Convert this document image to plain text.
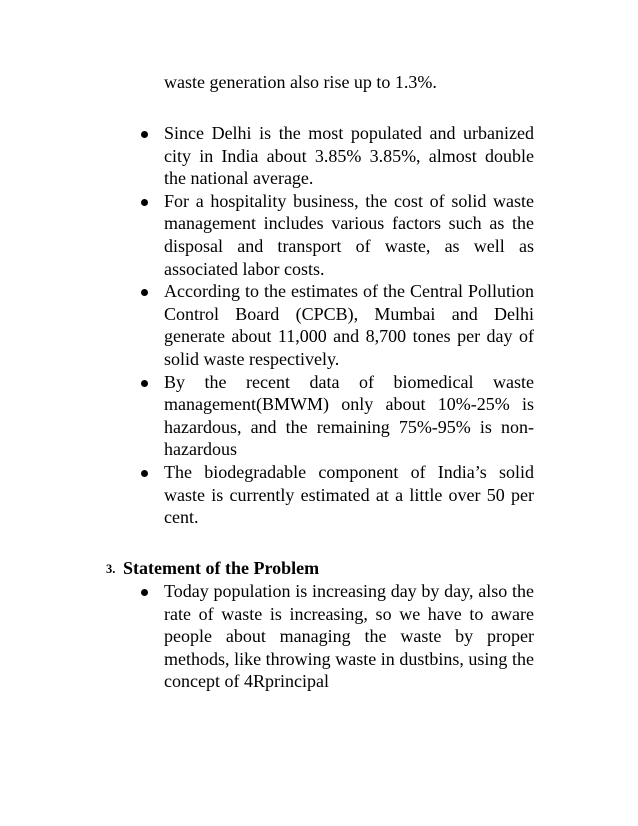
waste generation also rise up to 1.3%.
Since Delhi is the most populated and urbanized city in India about 3.85% 3.85%, almost double the national average.
For a hospitality business, the cost of solid waste management includes various factors such as the disposal and transport of waste, as well as associated labor costs.
According to the estimates of the Central Pollution Control Board (CPCB), Mumbai and Delhi generate about 11,000 and 8,700 tones per day of solid waste respectively.
By the recent data of biomedical waste management(BMWM) only about 10%-25% is hazardous, and the remaining 75%-95% is non-hazardous
The biodegradable component of India’s solid waste is currently estimated at a little over 50 per cent.
3. Statement of the Problem
Today population is increasing day by day, also the rate of waste is increasing, so we have to aware people about managing the waste by proper methods, like throwing waste in dustbins, using the concept of 4Rprincipal
